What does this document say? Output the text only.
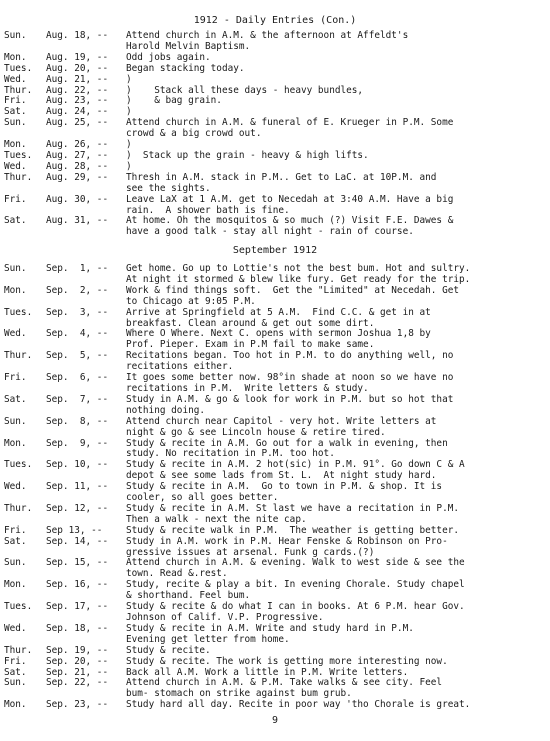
1912 - Daily Entries (Con.)
Sun.	Aug. 18, --	Attend church in A.M. & the afternoon at Affeldt's
Harold Melvin Baptism.
Mon.	Aug. 19, --	Odd jobs again.
Tues.	Aug. 20, --	Began stacking today.
Wed.	Aug. 21, --	)
Thur.	Aug. 22, --	)    Stack all these days - heavy bundles,
Fri.	Aug. 23, --	)    & bag grain.
Sat.	Aug. 24, --	)
Sun.	Aug. 25, --	Attend church in A.M. & funeral of E. Krueger in P.M. Some
crowd & a big crowd out.
Mon.	Aug. 26, --	)
Tues.	Aug. 27, --	)  Stack up the grain - heavy & high lifts.
Wed.	Aug. 28, --	)
Thur.	Aug. 29, --	Thresh in A.M. stack in P.M.. Get to LaC. at 10P.M. and
see the sights.
Fri.	Aug. 30, --	Leave LaX at 1 A.M. get to Necedah at 3:40 A.M. Have a big
rain.  A shower bath is fine.
Sat.	Aug. 31, --	At home. Oh the mosquitos & so much (?) Visit F.E. Dawes &
have a good talk - stay all night - rain of course.
September 1912
Sun.	Sep.  1, --	Get home. Go up to Lottie's not the best bum. Hot and sultry.
At night it stormed & blew like fury. Get ready for the trip.
Mon.	Sep.  2, --	Work & find things soft.  Get the "Limited" at Necedah. Get
to Chicago at 9:05 P.M.
Tues.	Sep.  3, --	Arrive at Springfield at 5 A.M.  Find C.C. & get in at
breakfast. Clean around & get out some dirt.
Wed.	Sep.  4, --	Where O Where. Next C. opens with sermon Joshua 1,8 by
Prof. Pieper. Exam in P.M fail to make same.
Thur.	Sep.  5, --	Recitations began. Too hot in P.M. to do anything well, no
recitations either.
Fri.	Sep.  6, --	It goes some better now. 98°in shade at noon so we have no
recitations in P.M.  Write letters & study.
Sat.	Sep.  7, --	Study in A.M. & go & look for work in P.M. but so hot that
nothing doing.
Sun.	Sep.  8, --	Attend church near Capitol - very hot. Write letters at
night & go & see Lincoln house & retire tired.
Mon.	Sep.  9, --	Study & recite in A.M. Go out for a walk in evening, then
study. No recitation in P.M. too hot.
Tues.	Sep. 10, --	Study & recite in A.M. 2 hot(sic) in P.M. 91°. Go down C & A
depot & see some lads from St. L.  At night study hard.
Wed.	Sep. 11, --	Study & recite in A.M.  Go to town in P.M. & shop. It is
cooler, so all goes better.
Thur.	Sep. 12, --	Study & recite in A.M. St last we have a recitation in P.M.
Then a walk - next the nite cap.
Fri.	Sep 13, --	Study & recite walk in P.M.  The weather is getting better.
Sat.	Sep. 14, --	Study in A.M. work in P.M. Hear Fenske & Robinson on Pro-
gressive issues at arsenal. Funk g cards.(?)
Sun.	Sep. 15, --	Attend church in A.M. & evening. Walk to west side & see the
town. Read &.rest.
Mon.	Sep. 16, --	Study, recite & play a bit. In evening Chorale. Study chapel
& shorthand. Feel bum.
Tues.	Sep. 17, --	Study & recite & do what I can in books. At 6 P.M. hear Gov.
Johnson of Calif. V.P. Progressive.
Wed.	Sep. 18, --	Study & recite in A.M. Write and study hard in P.M.
Evening get letter from home.
Thur.	Sep. 19, --	Study & recite.
Fri.	Sep. 20, --	Study & recite. The work is getting more interesting now.
Sat.	Sep. 21, --	Back all A.M. Work a little in P.M. Write letters.
Sun.	Sep. 22, --	Attend church in A.M. & P.M. Take walks & see city. Feel
bum- stomach on strike against bum grub.
Mon.	Sep. 23, --	Study hard all day. Recite in poor way 'tho Chorale is great.
9
